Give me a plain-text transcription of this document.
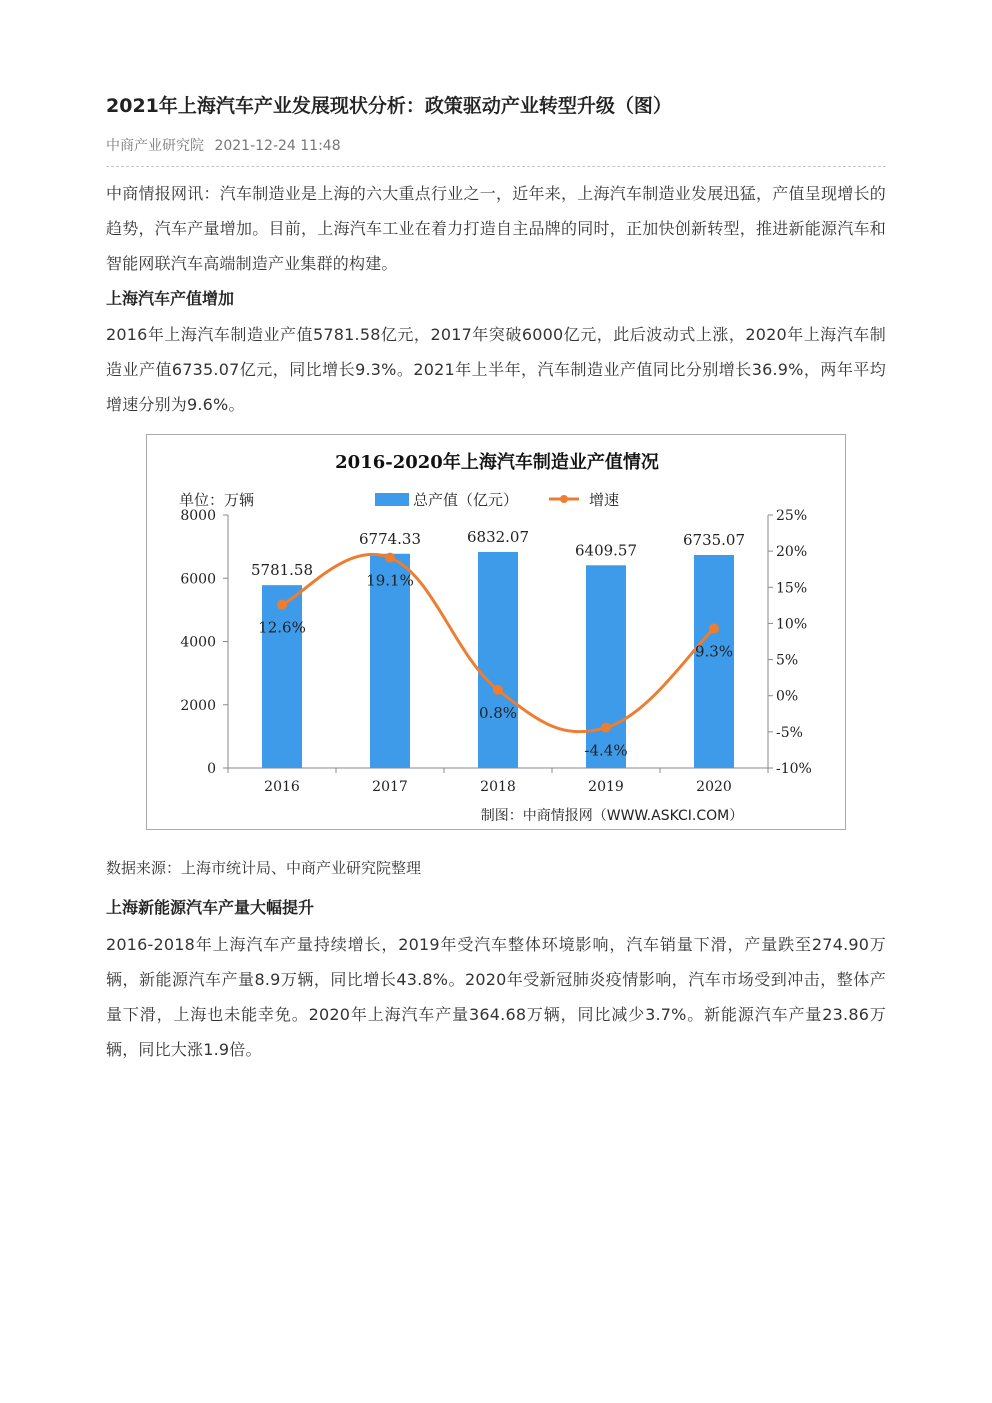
2021年上海汽车产业发展现状分析：政策驱动产业转型升级（图）
中商产业研究院 2021-12-24 11:48

中商情报网讯：汽车制造业是上海的六大重点行业之一，近年来，上海汽车制造业发展迅猛，产值呈现增长的趋势，汽车产量增加。目前，上海汽车工业在着力打造自主品牌的同时，正加快创新转型，推进新能源汽车和智能网联汽车高端制造产业集群的构建。

上海汽车产值增加

2016年上海汽车制造业产值5781.58亿元，2017年突破6000亿元，此后波动式上涨，2020年上海汽车制造业产值6735.07亿元，同比增长9.3%。2021年上半年，汽车制造业产值同比分别增长36.9%，两年平均增速分别为9.6%。

数据来源：上海市统计局、中商产业研究院整理
上海新能源汽车产量大幅提升

2016-2018年上海汽车产量持续增长，2019年受汽车整体环境影响，汽车销量下滑，产量跌至274.90万辆，新能源汽车产量8.9万辆，同比增长43.8%。2020年受新冠肺炎疫情影响，汽车市场受到冲击，整体产量下滑，上海也未能幸免。2020年上海汽车产量364.68万辆，同比减少3.7%。新能源汽车产量23.86万辆，同比大涨1.9倍。

2016-2020年上海汽车制造业产值情况
单位：万辆	总产值（亿元）	增速
8000
6000
4000
2000
0
25%
20%
15%
10%
5%
0%
-5%
-10%
2016	2017	2018	2019	2020
5781.58
6774.33	6832.07
6409.57
6735.07
12.6%
19.1%
0.8%
-4.4%
9.3%
制图：中商情报网（WWW.ASKCI.COM）
